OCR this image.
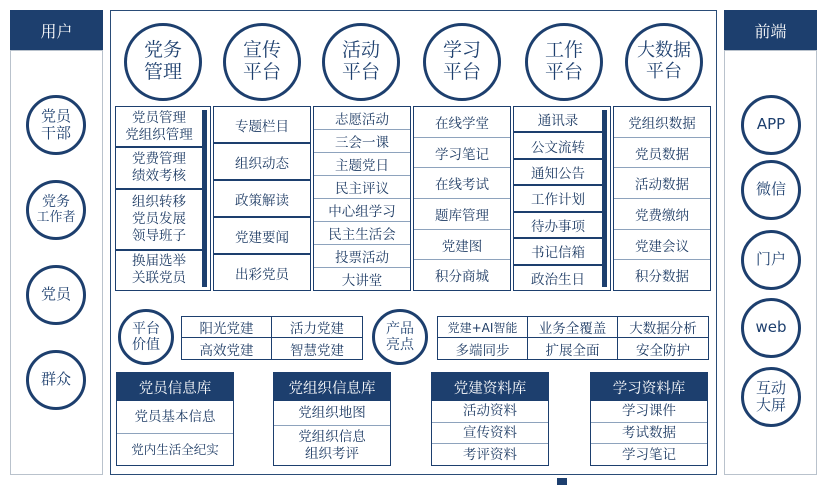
用户
党员
干部
党务
工作者
党员
群众
前端
APP
微信
门户
web
互动大屏
党务
管理
宣传
平台
活动
平台
学习
平台
工作
平台
大数据
平台
党员管理
党组织管理
党费管理
绩效考核
组织转移
党员发展
领导班子
换届选举
关联党员
专题栏目
组织动态
政策解读
党建要闻
出彩党员
志愿活动
三会一课
主题党日
民主评议
中心组学习
民主生活会
投票活动
大讲堂
在线学堂
学习笔记
在线考试
题库管理
党建图
积分商城
通讯录
公文流转
通知公告
工作计划
待办事项
书记信箱
政治生日
党组织数据
党员数据
活动数据
党费缴纳
党建会议
积分数据
平台
价值
阳光党建	活力党建
高效党建	智慧党建
产品
亮点
党建+AI智能	业务全覆盖	大数据分析
多端同步	扩展全面	安全防护
党员信息库
党员基本信息
党内生活全纪实
党组织信息库
党组织地图
党组织信息
组织考评
党建资料库
活动资料
宣传资料
考评资料
学习资料库
学习课件
考试数据
学习笔记
